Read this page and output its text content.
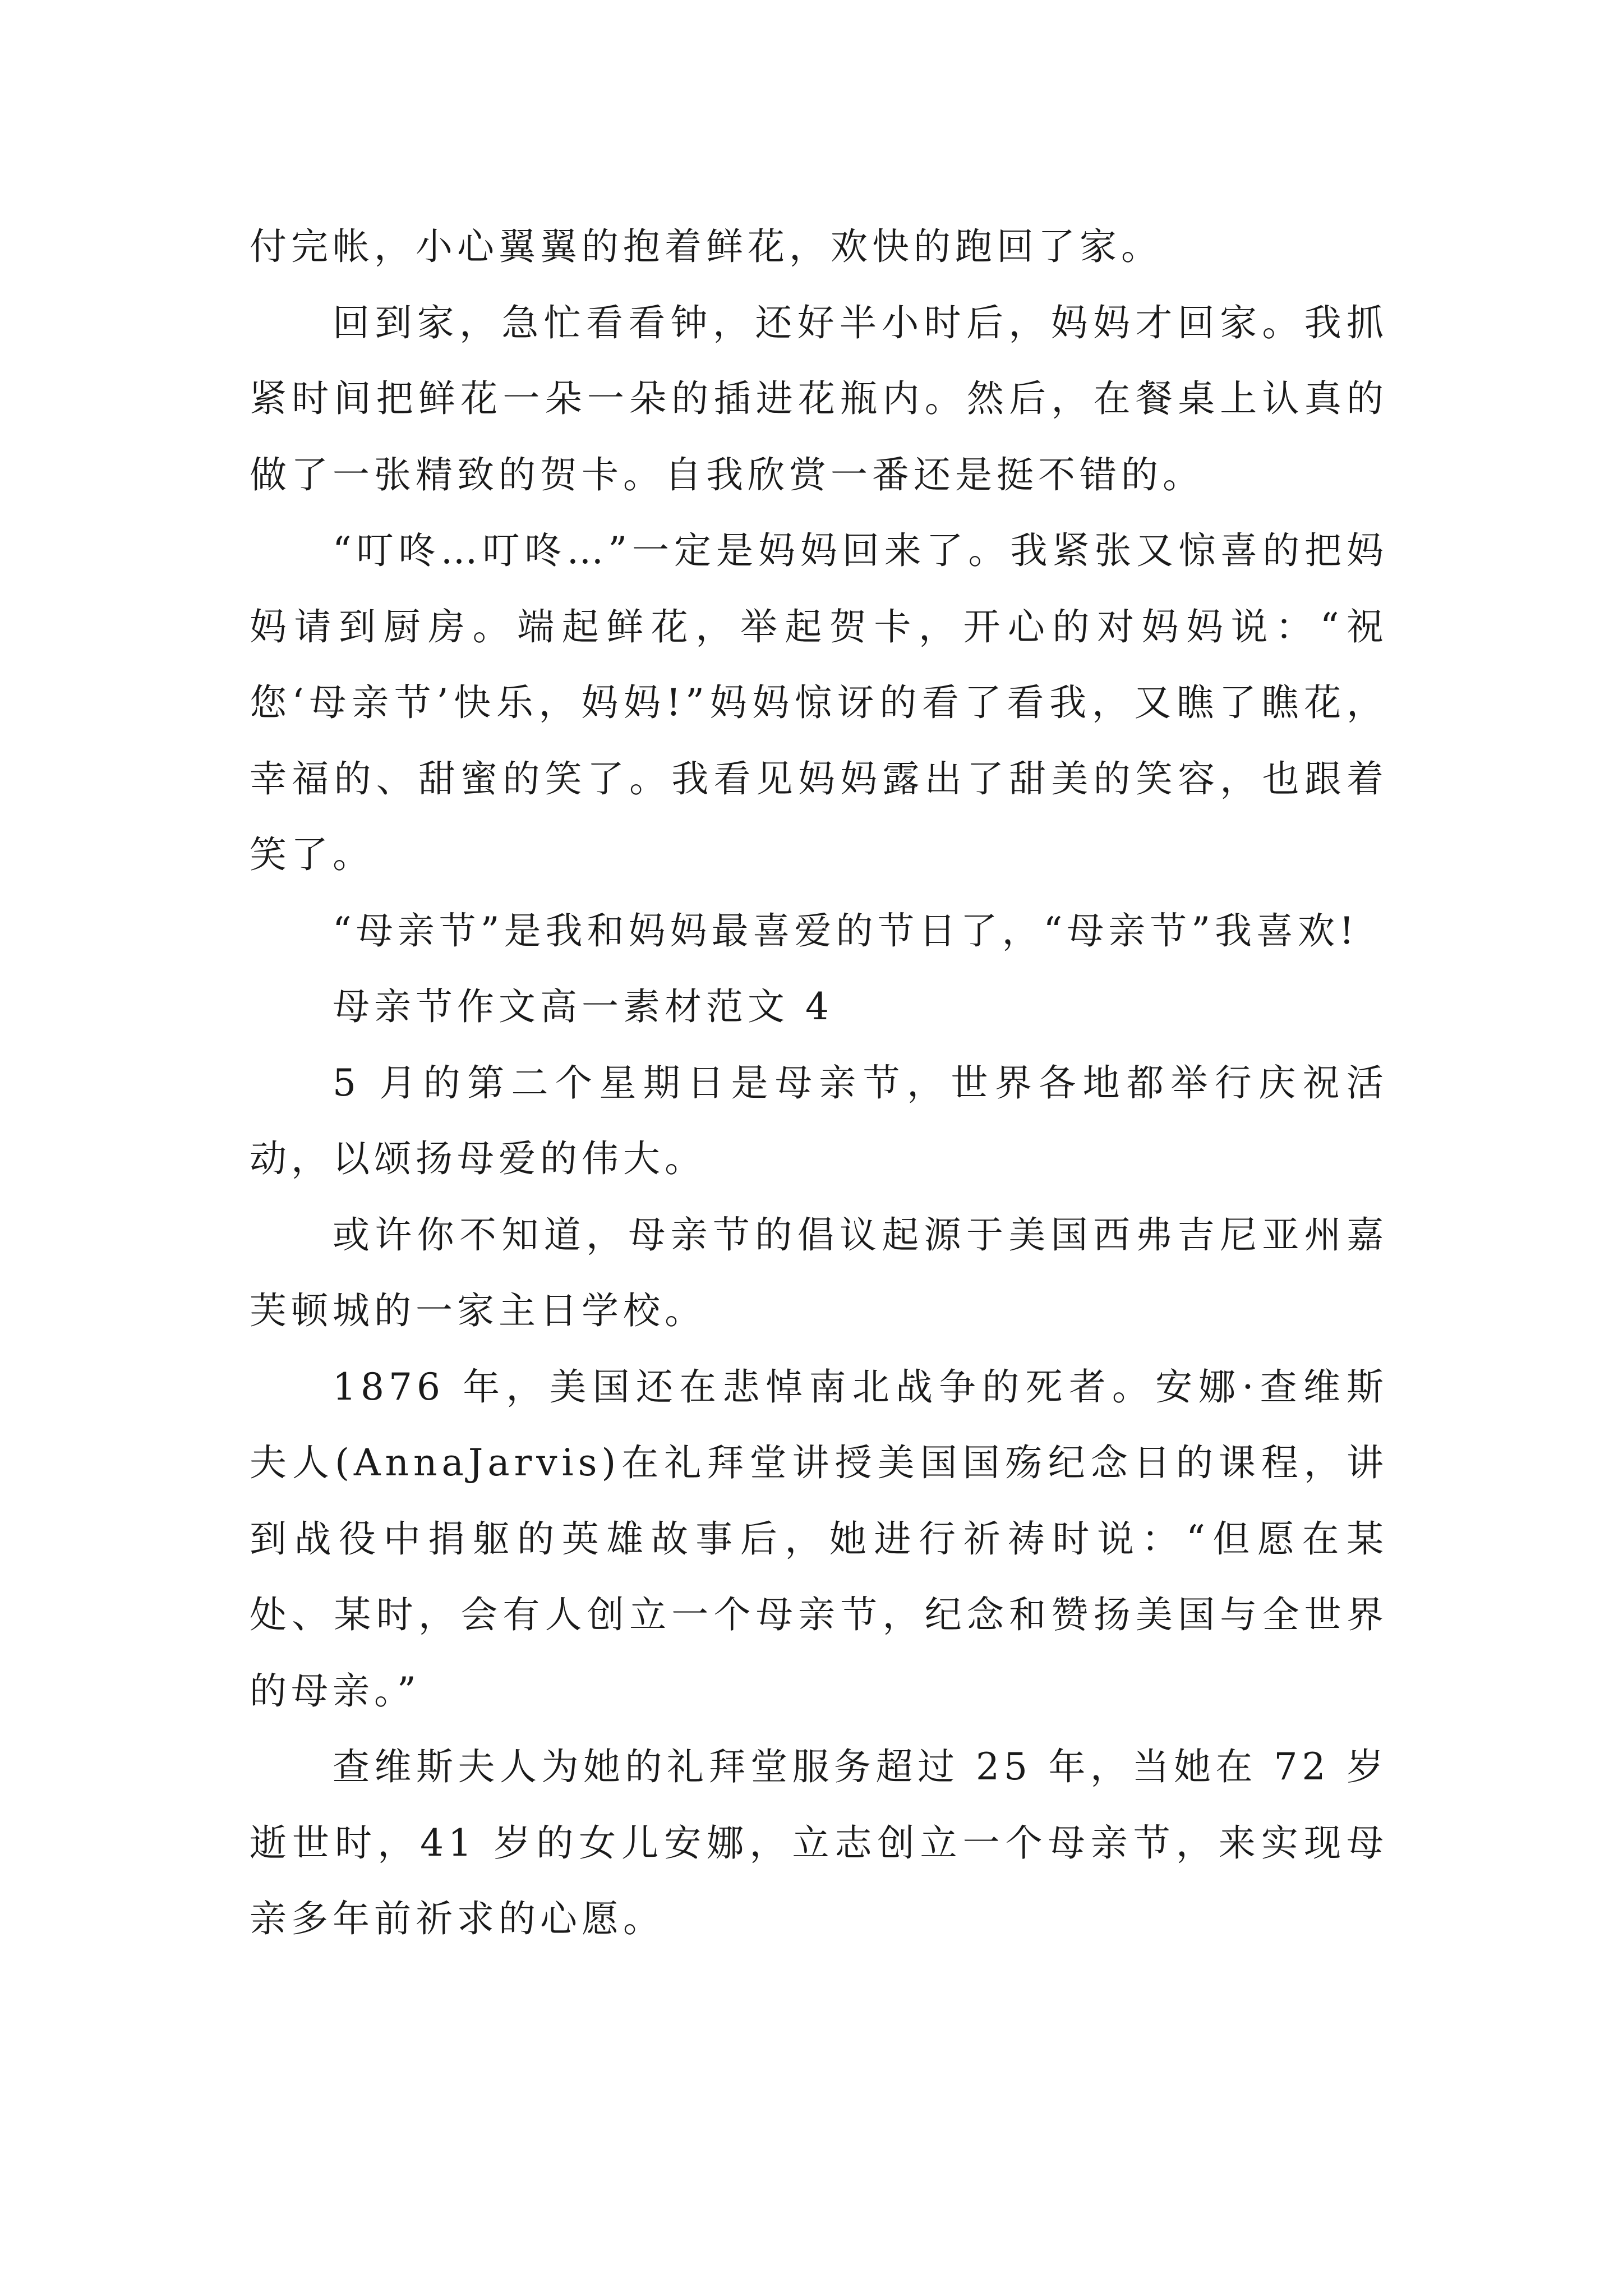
付完帐，小心翼翼的抱着鲜花，欢快的跑回了家。

回到家，急忙看看钟，还好半小时后，妈妈才回家。我抓紧时间把鲜花一朵一朵的插进花瓶内。然后，在餐桌上认真的做了一张精致的贺卡。自我欣赏一番还是挺不错的。

“叮咚…叮咚…”一定是妈妈回来了。我紧张又惊喜的把妈妈请到厨房。端起鲜花，举起贺卡，开心的对妈妈说：“祝您‘母亲节’快乐，妈妈!”妈妈惊讶的看了看我，又瞧了瞧花，幸福的、甜蜜的笑了。我看见妈妈露出了甜美的笑容，也跟着笑了。

“母亲节”是我和妈妈最喜爱的节日了，“母亲节”我喜欢!

母亲节作文高一素材范文 4

5 月的第二个星期日是母亲节，世界各地都举行庆祝活动，以颂扬母爱的伟大。

或许你不知道，母亲节的倡议起源于美国西弗吉尼亚州嘉芙顿城的一家主日学校。

1876 年，美国还在悲悼南北战争的死者。安娜·查维斯夫人(AnnaJarvis)在礼拜堂讲授美国国殇纪念日的课程，讲到战役中捐躯的英雄故事后，她进行祈祷时说：“但愿在某处、某时，会有人创立一个母亲节，纪念和赞扬美国与全世界的母亲。”

查维斯夫人为她的礼拜堂服务超过 25 年，当她在 72 岁逝世时，41 岁的女儿安娜，立志创立一个母亲节，来实现母亲多年前祈求的心愿。
